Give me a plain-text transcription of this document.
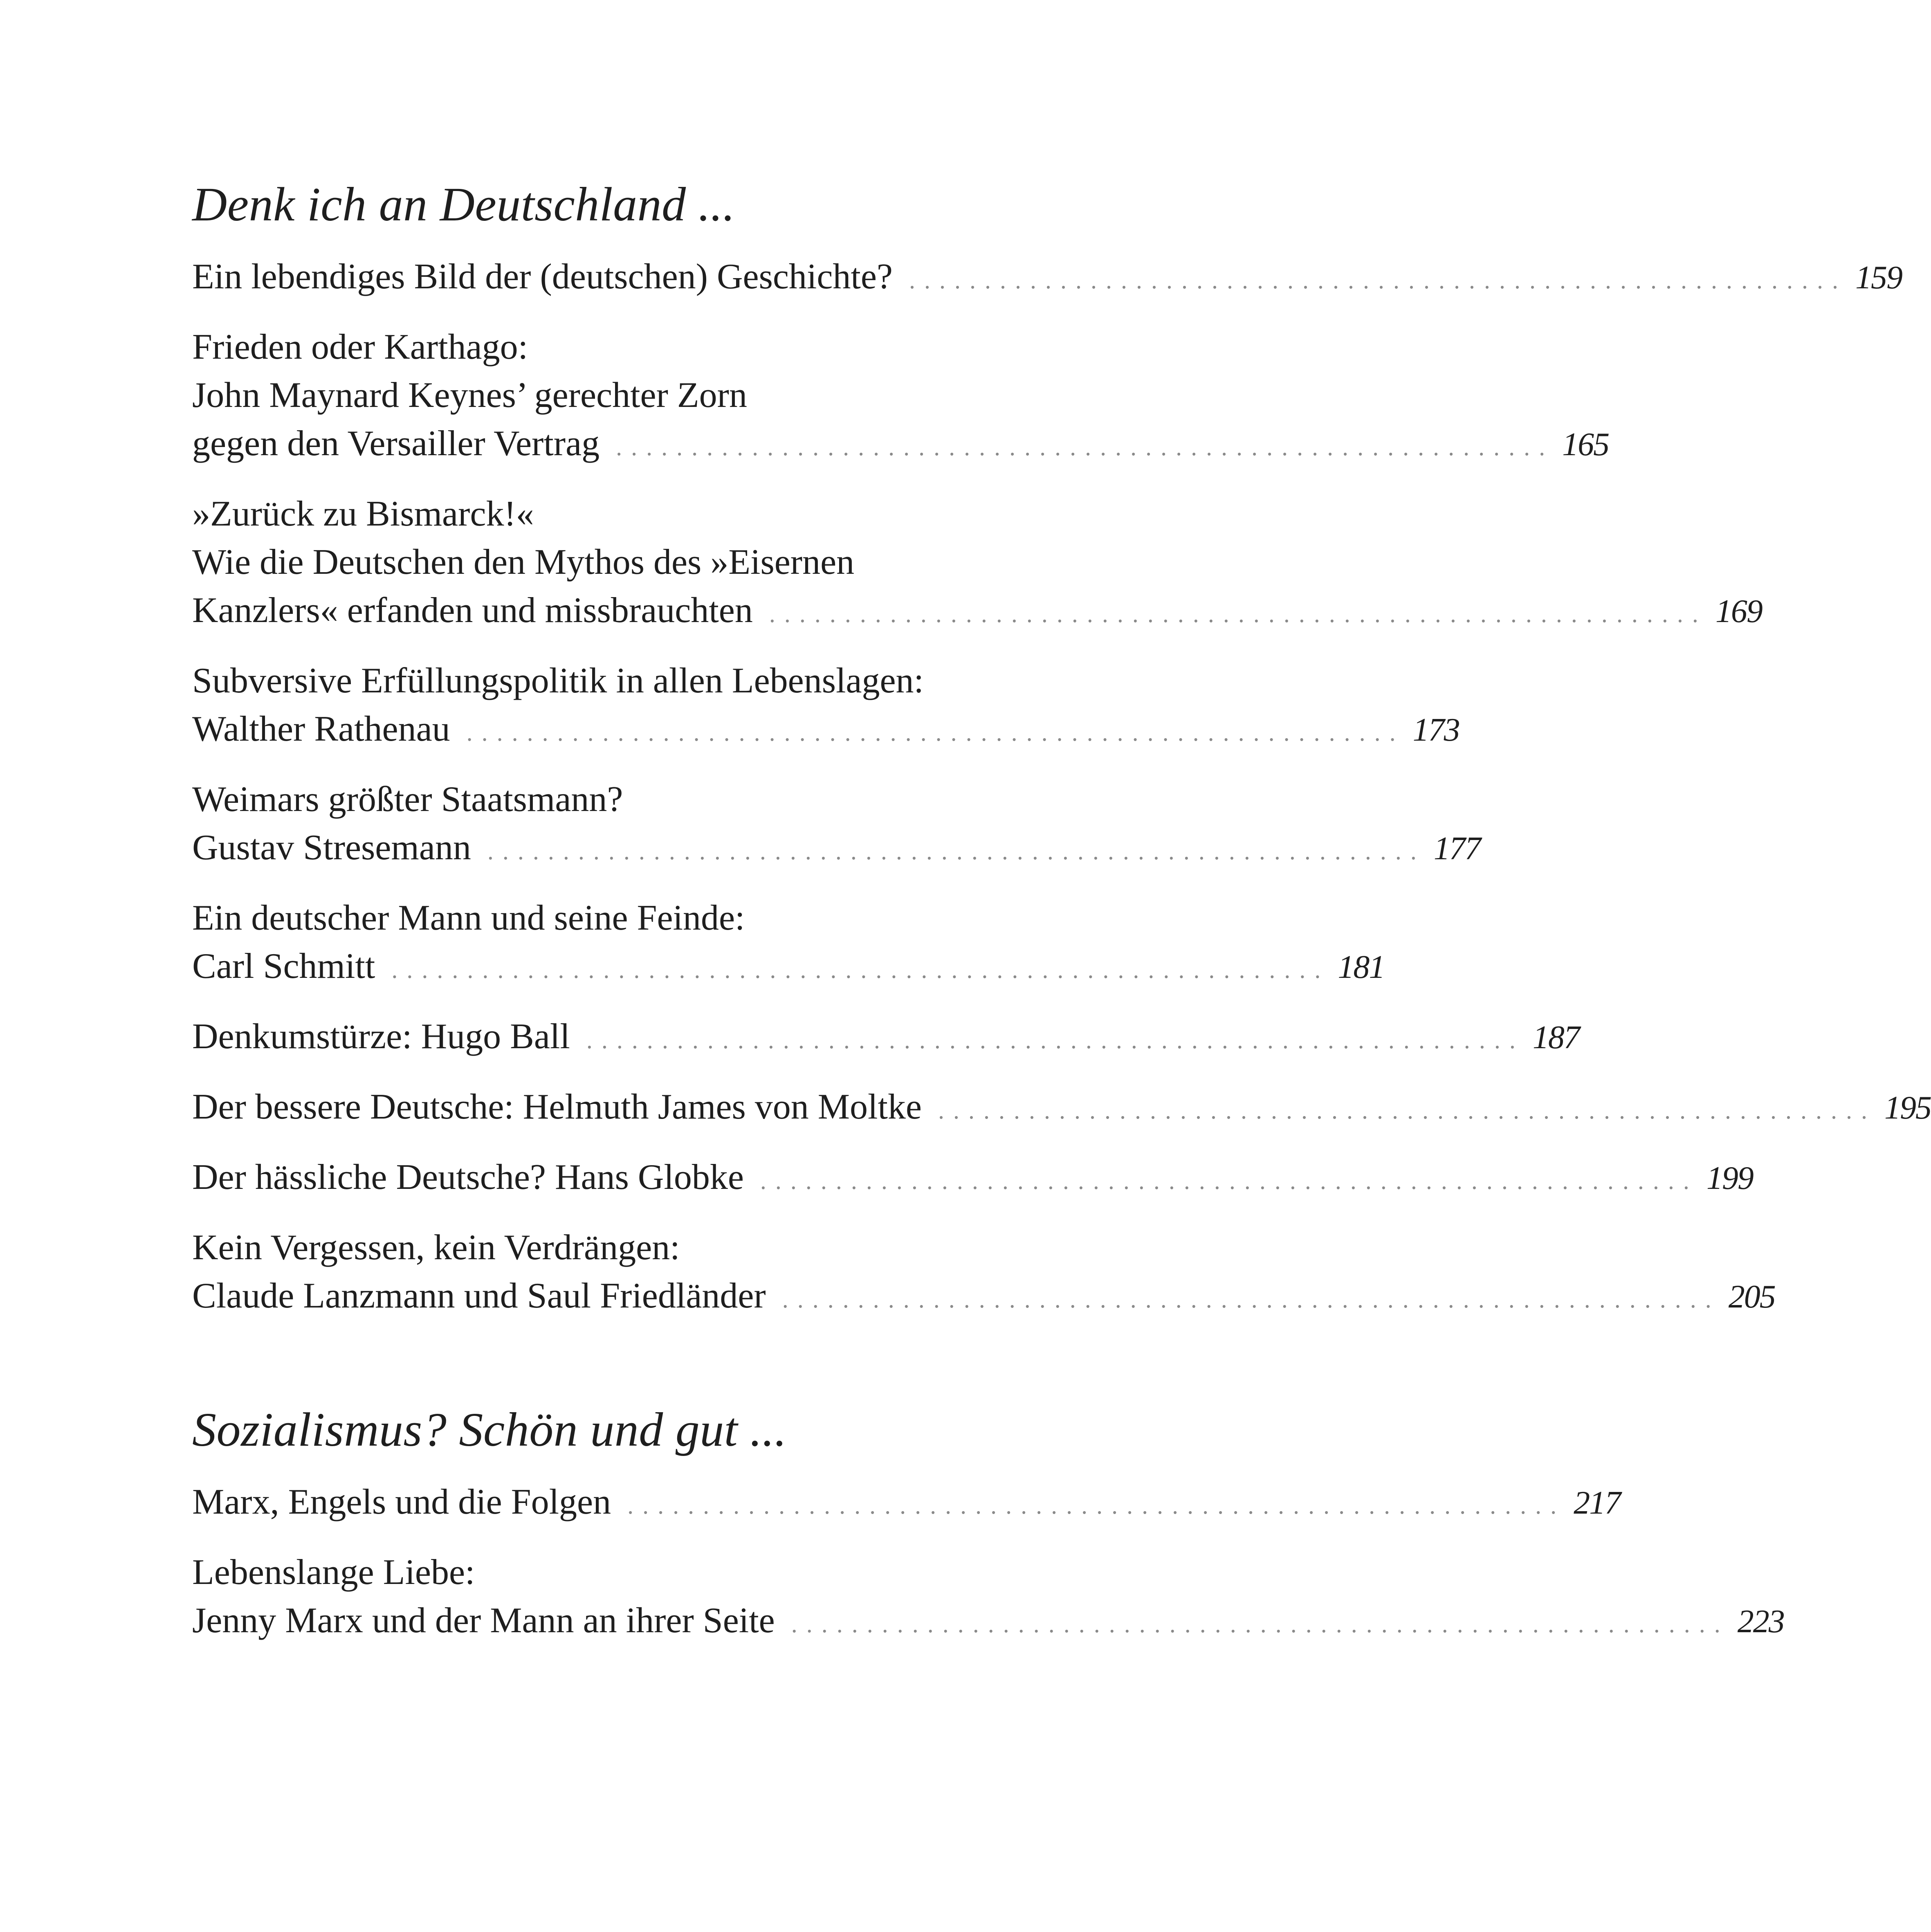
Denk ich an Deutschland ...
Ein lebendiges Bild der (deutschen) Geschichte? .............................................................. 159
Frieden oder Karthago:
John Maynard Keynes’ gerechter Zorn
gegen den Versailler Vertrag .............................................................. 165
»Zurück zu Bismarck!«
Wie die Deutschen den Mythos des »Eisernen
Kanzlers« erfanden und missbrauchten .............................................................. 169
Subversive Erfüllungspolitik in allen Lebenslagen:
Walther Rathenau .............................................................. 173
Weimars größter Staatsmann?
Gustav Stresemann .............................................................. 177
Ein deutscher Mann und seine Feinde:
Carl Schmitt .............................................................. 181
Denkumstürze: Hugo Ball .............................................................. 187
Der bessere Deutsche: Helmuth James von Moltke .............................................................. 195
Der hässliche Deutsche? Hans Globke .............................................................. 199
Kein Vergessen, kein Verdrängen:
Claude Lanzmann und Saul Friedländer .............................................................. 205
Sozialismus? Schön und gut ...
Marx, Engels und die Folgen .............................................................. 217
Lebenslange Liebe:
Jenny Marx und der Mann an ihrer Seite .............................................................. 223
